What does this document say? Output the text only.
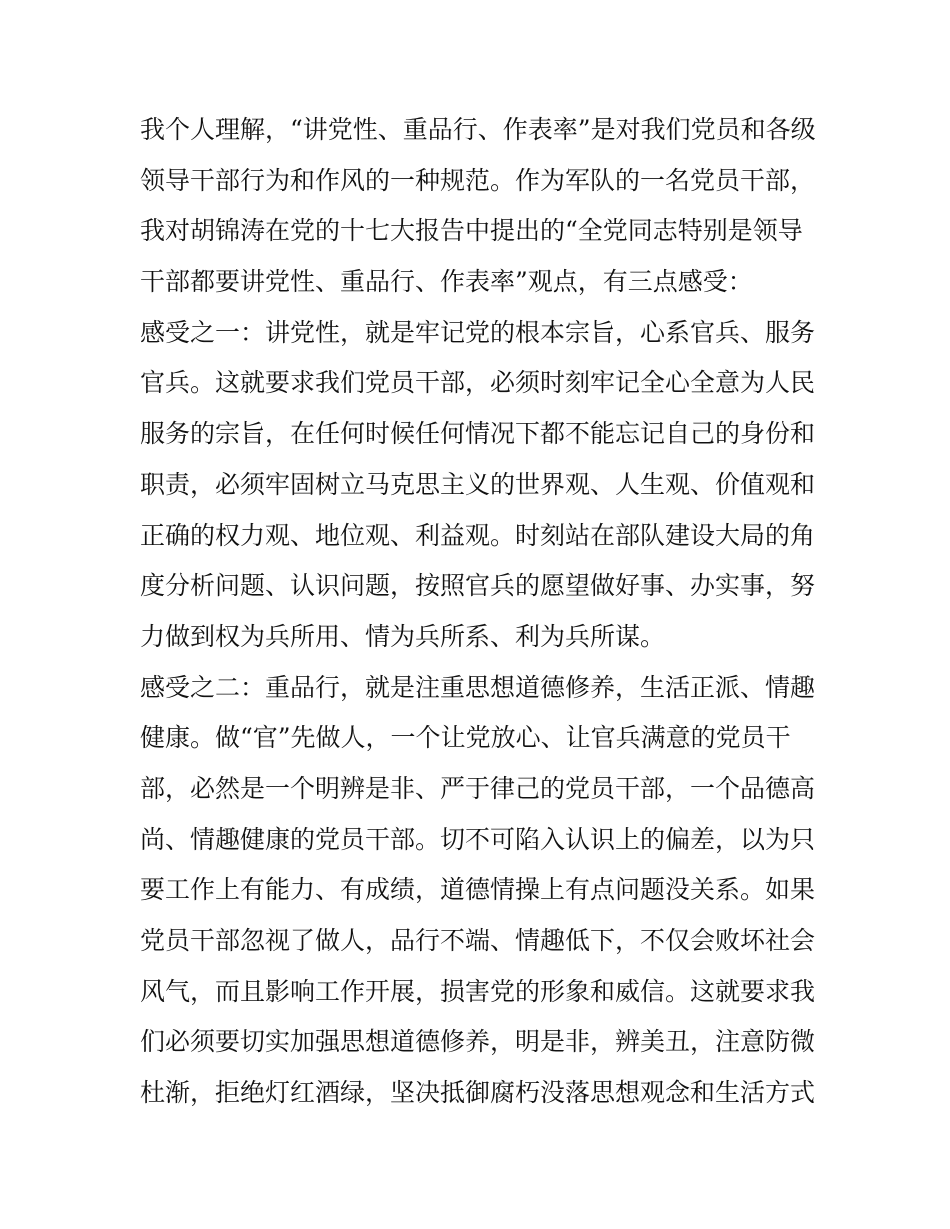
我个人理解，“讲党性、重品行、作表率”是对我们党员和各级
领导干部行为和作风的一种规范。作为军队的一名党员干部，
我对胡锦涛在党的十七大报告中提出的“全党同志特别是领导
干部都要讲党性、重品行、作表率”观点，有三点感受：
感受之一：讲党性，就是牢记党的根本宗旨，心系官兵、服务
官兵。这就要求我们党员干部，必须时刻牢记全心全意为人民
服务的宗旨，在任何时候任何情况下都不能忘记自己的身份和
职责，必须牢固树立马克思主义的世界观、人生观、价值观和
正确的权力观、地位观、利益观。时刻站在部队建设大局的角
度分析问题、认识问题，按照官兵的愿望做好事、办实事，努
力做到权为兵所用、情为兵所系、利为兵所谋。
感受之二：重品行，就是注重思想道德修养，生活正派、情趣
健康。做“官”先做人，一个让党放心、让官兵满意的党员干
部，必然是一个明辨是非、严于律己的党员干部，一个品德高
尚、情趣健康的党员干部。切不可陷入认识上的偏差，以为只
要工作上有能力、有成绩，道德情操上有点问题没关系。如果
党员干部忽视了做人，品行不端、情趣低下，不仅会败坏社会
风气，而且影响工作开展，损害党的形象和威信。这就要求我
们必须要切实加强思想道德修养，明是非，辨美丑，注意防微
杜渐，拒绝灯红酒绿，坚决抵御腐朽没落思想观念和生活方式
